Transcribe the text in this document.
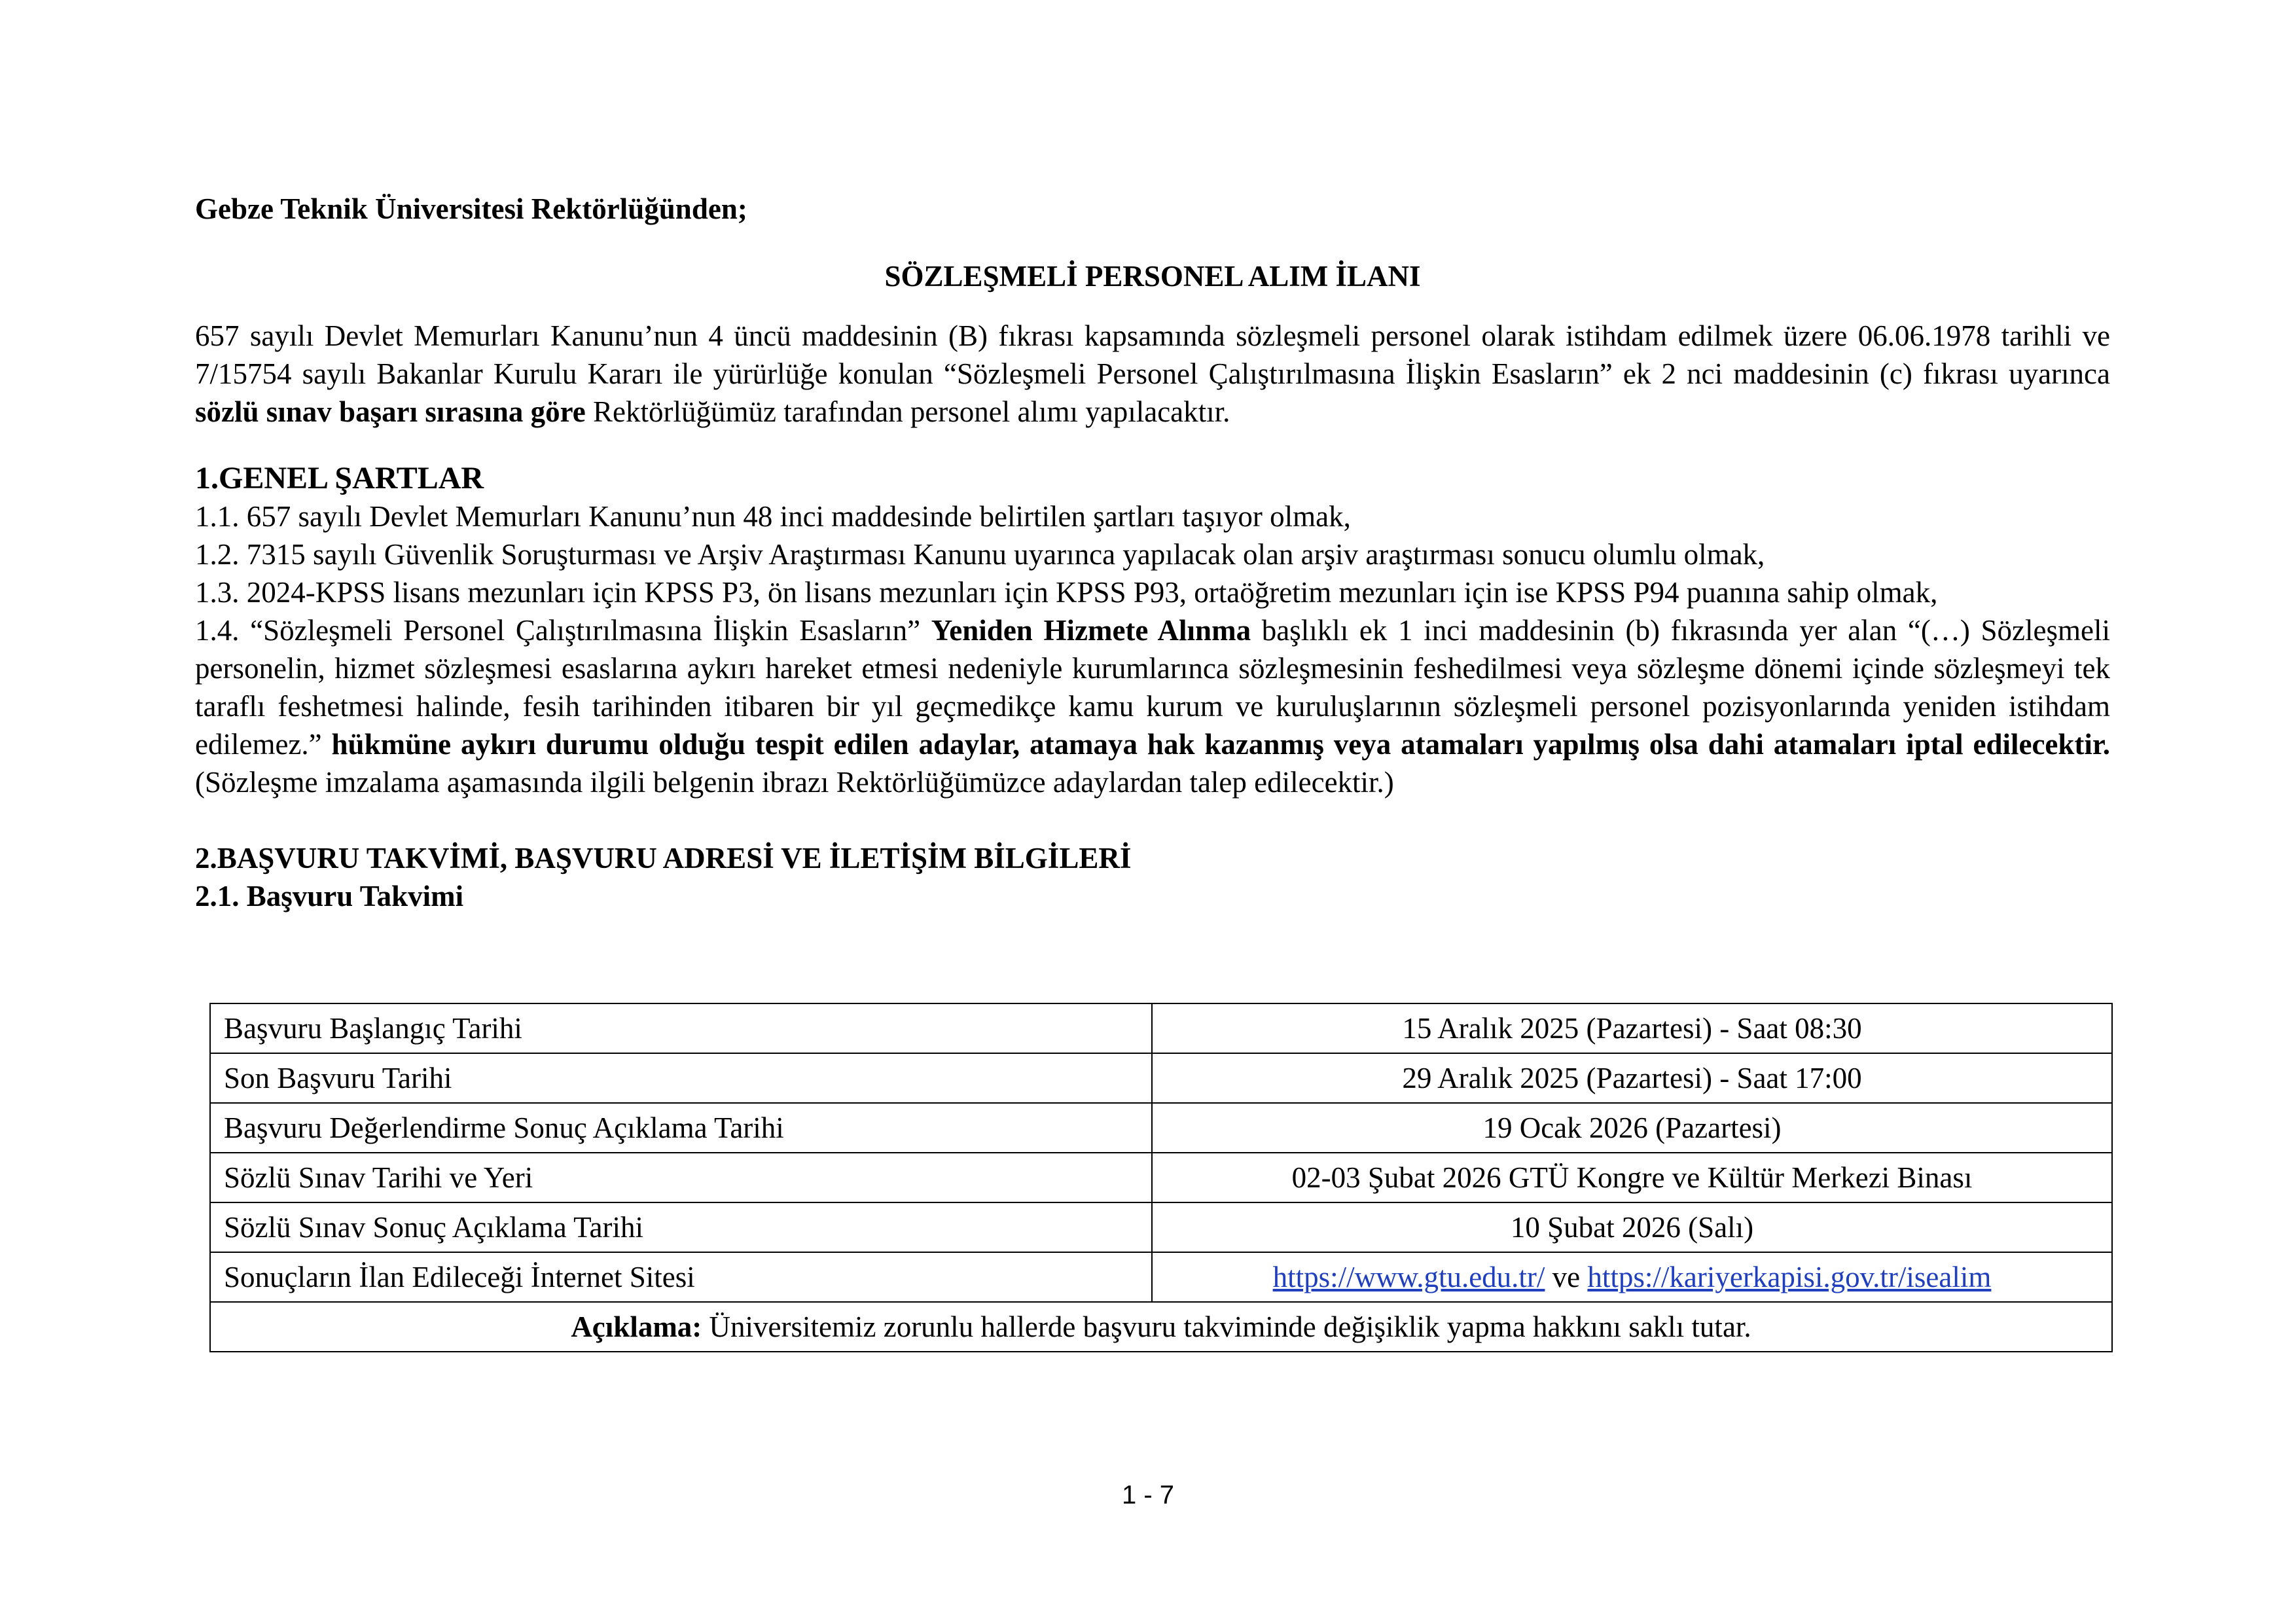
Gebze Teknik Üniversitesi Rektörlüğünden;
SÖZLEŞMELİ PERSONEL ALIM İLANI
657 sayılı Devlet Memurları Kanunu’nun 4 üncü maddesinin (B) fıkrası kapsamında sözleşmeli personel olarak istihdam edilmek üzere 06.06.1978 tarihli ve 7/15754 sayılı Bakanlar Kurulu Kararı ile yürürlüğe konulan “Sözleşmeli Personel Çalıştırılmasına İlişkin Esasların” ek 2 nci maddesinin (c) fıkrası uyarınca sözlü sınav başarı sırasına göre Rektörlüğümüz tarafından personel alımı yapılacaktır.
1.GENEL ŞARTLAR
1.1. 657 sayılı Devlet Memurları Kanunu’nun 48 inci maddesinde belirtilen şartları taşıyor olmak,
1.2. 7315 sayılı Güvenlik Soruşturması ve Arşiv Araştırması Kanunu uyarınca yapılacak olan arşiv araştırması sonucu olumlu olmak,
1.3. 2024-KPSS lisans mezunları için KPSS P3, ön lisans mezunları için KPSS P93, ortaöğretim mezunları için ise KPSS P94 puanına sahip olmak,
1.4. “Sözleşmeli Personel Çalıştırılmasına İlişkin Esasların” Yeniden Hizmete Alınma başlıklı ek 1 inci maddesinin (b) fıkrasında yer alan “(…) Sözleşmeli personelin, hizmet sözleşmesi esaslarına aykırı hareket etmesi nedeniyle kurumlarınca sözleşmesinin feshedilmesi veya sözleşme dönemi içinde sözleşmeyi tek taraflı feshetmesi halinde, fesih tarihinden itibaren bir yıl geçmedikçe kamu kurum ve kuruluşlarının sözleşmeli personel pozisyonlarında yeniden istihdam edilemez.” hükmüne aykırı durumu olduğu tespit edilen adaylar, atamaya hak kazanmış veya atamaları yapılmış olsa dahi atamaları iptal edilecektir. (Sözleşme imzalama aşamasında ilgili belgenin ibrazı Rektörlüğümüzce adaylardan talep edilecektir.)
2.BAŞVURU TAKVİMİ, BAŞVURU ADRESİ VE İLETİŞİM BİLGİLERİ
2.1. Başvuru Takvimi
Başvuru Başlangıç Tarihi	15 Aralık 2025 (Pazartesi) - Saat 08:30
Son Başvuru Tarihi	29 Aralık 2025 (Pazartesi) - Saat 17:00
Başvuru Değerlendirme Sonuç Açıklama Tarihi	19 Ocak 2026 (Pazartesi)
Sözlü Sınav Tarihi ve Yeri	02-03 Şubat 2026 GTÜ Kongre ve Kültür Merkezi Binası
Sözlü Sınav Sonuç Açıklama Tarihi	10 Şubat 2026 (Salı)
Sonuçların İlan Edileceği İnternet Sitesi	https://www.gtu.edu.tr/ ve https://kariyerkapisi.gov.tr/isealim
Açıklama: Üniversitemiz zorunlu hallerde başvuru takviminde değişiklik yapma hakkını saklı tutar.	
1 - 7
